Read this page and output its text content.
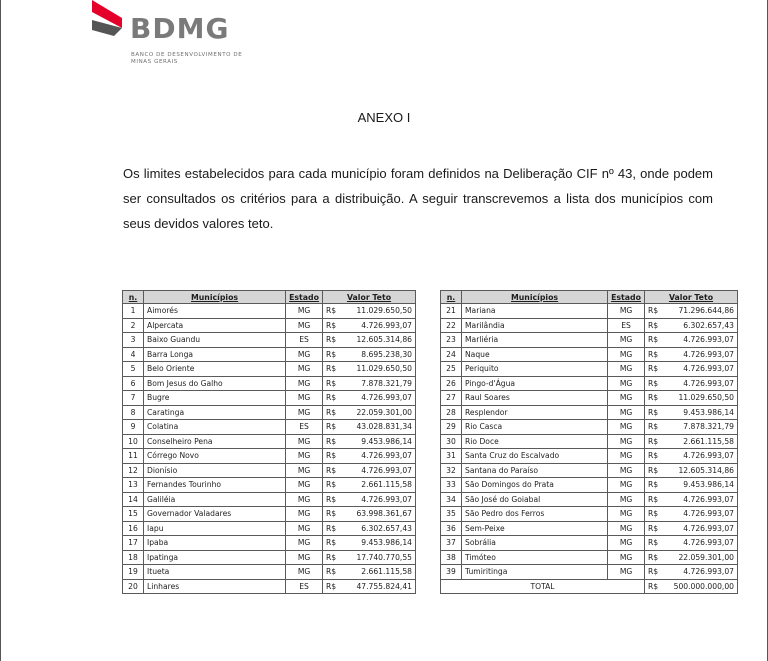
BDMG
BANCO DE DESENVOLVIMENTO DE MINAS GERAIS
ANEXO I
Os limites estabelecidos para cada município foram definidos na Deliberação CIF nº 43, onde podem ser consultados os critérios para a distribuição. A seguir transcrevemos a lista dos municípios com seus devidos valores teto.
n.	Municípios	Estado	Valor Teto	
1	Aimorés	MG	R$	11.029.650,50
2	Alpercata	MG	R$	4.726.993,07
3	Baixo Guandu	ES	R$	12.605.314,86
4	Barra Longa	MG	R$	8.695.238,30
5	Belo Oriente	MG	R$	11.029.650,50
6	Bom Jesus do Galho	MG	R$	7.878.321,79
7	Bugre	MG	R$	4.726.993,07
8	Caratinga	MG	R$	22.059.301,00
9	Colatina	ES	R$	43.028.831,34
10	Conselheiro Pena	MG	R$	9.453.986,14
11	Córrego Novo	MG	R$	4.726.993,07
12	Dionísio	MG	R$	4.726.993,07
13	Fernandes Tourinho	MG	R$	2.661.115,58
14	Galiléia	MG	R$	4.726.993,07
15	Governador Valadares	MG	R$	63.998.361,67
16	Iapu	MG	R$	6.302.657,43
17	Ipaba	MG	R$	9.453.986,14
18	Ipatinga	MG	R$	17.740.770,55
19	Itueta	MG	R$	2.661.115,58
20	Linhares	ES	R$	47.755.824,41
n.	Municípios	Estado	Valor Teto	
21	Mariana	MG	R$	71.296.644,86
22	Marilândia	ES	R$	6.302.657,43
23	Marliéria	MG	R$	4.726.993,07
24	Naque	MG	R$	4.726.993,07
25	Periquito	MG	R$	4.726.993,07
26	Pingo-d'Água	MG	R$	4.726.993,07
27	Raul Soares	MG	R$	11.029.650,50
28	Resplendor	MG	R$	9.453.986,14
29	Rio Casca	MG	R$	7.878.321,79
30	Rio Doce	MG	R$	2.661.115,58
31	Santa Cruz do Escalvado	MG	R$	4.726.993,07
32	Santana do Paraíso	MG	R$	12.605.314,86
33	São Domingos do Prata	MG	R$	9.453.986,14
34	São José do Goiabal	MG	R$	4.726.993,07
35	São Pedro dos Ferros	MG	R$	4.726.993,07
36	Sem-Peixe	MG	R$	4.726.993,07
37	Sobrália	MG	R$	4.726.993,07
38	Timóteo	MG	R$	22.059.301,00
39	Tumiritinga	MG	R$	4.726.993,07
TOTAL			R$	500.000.000,00
